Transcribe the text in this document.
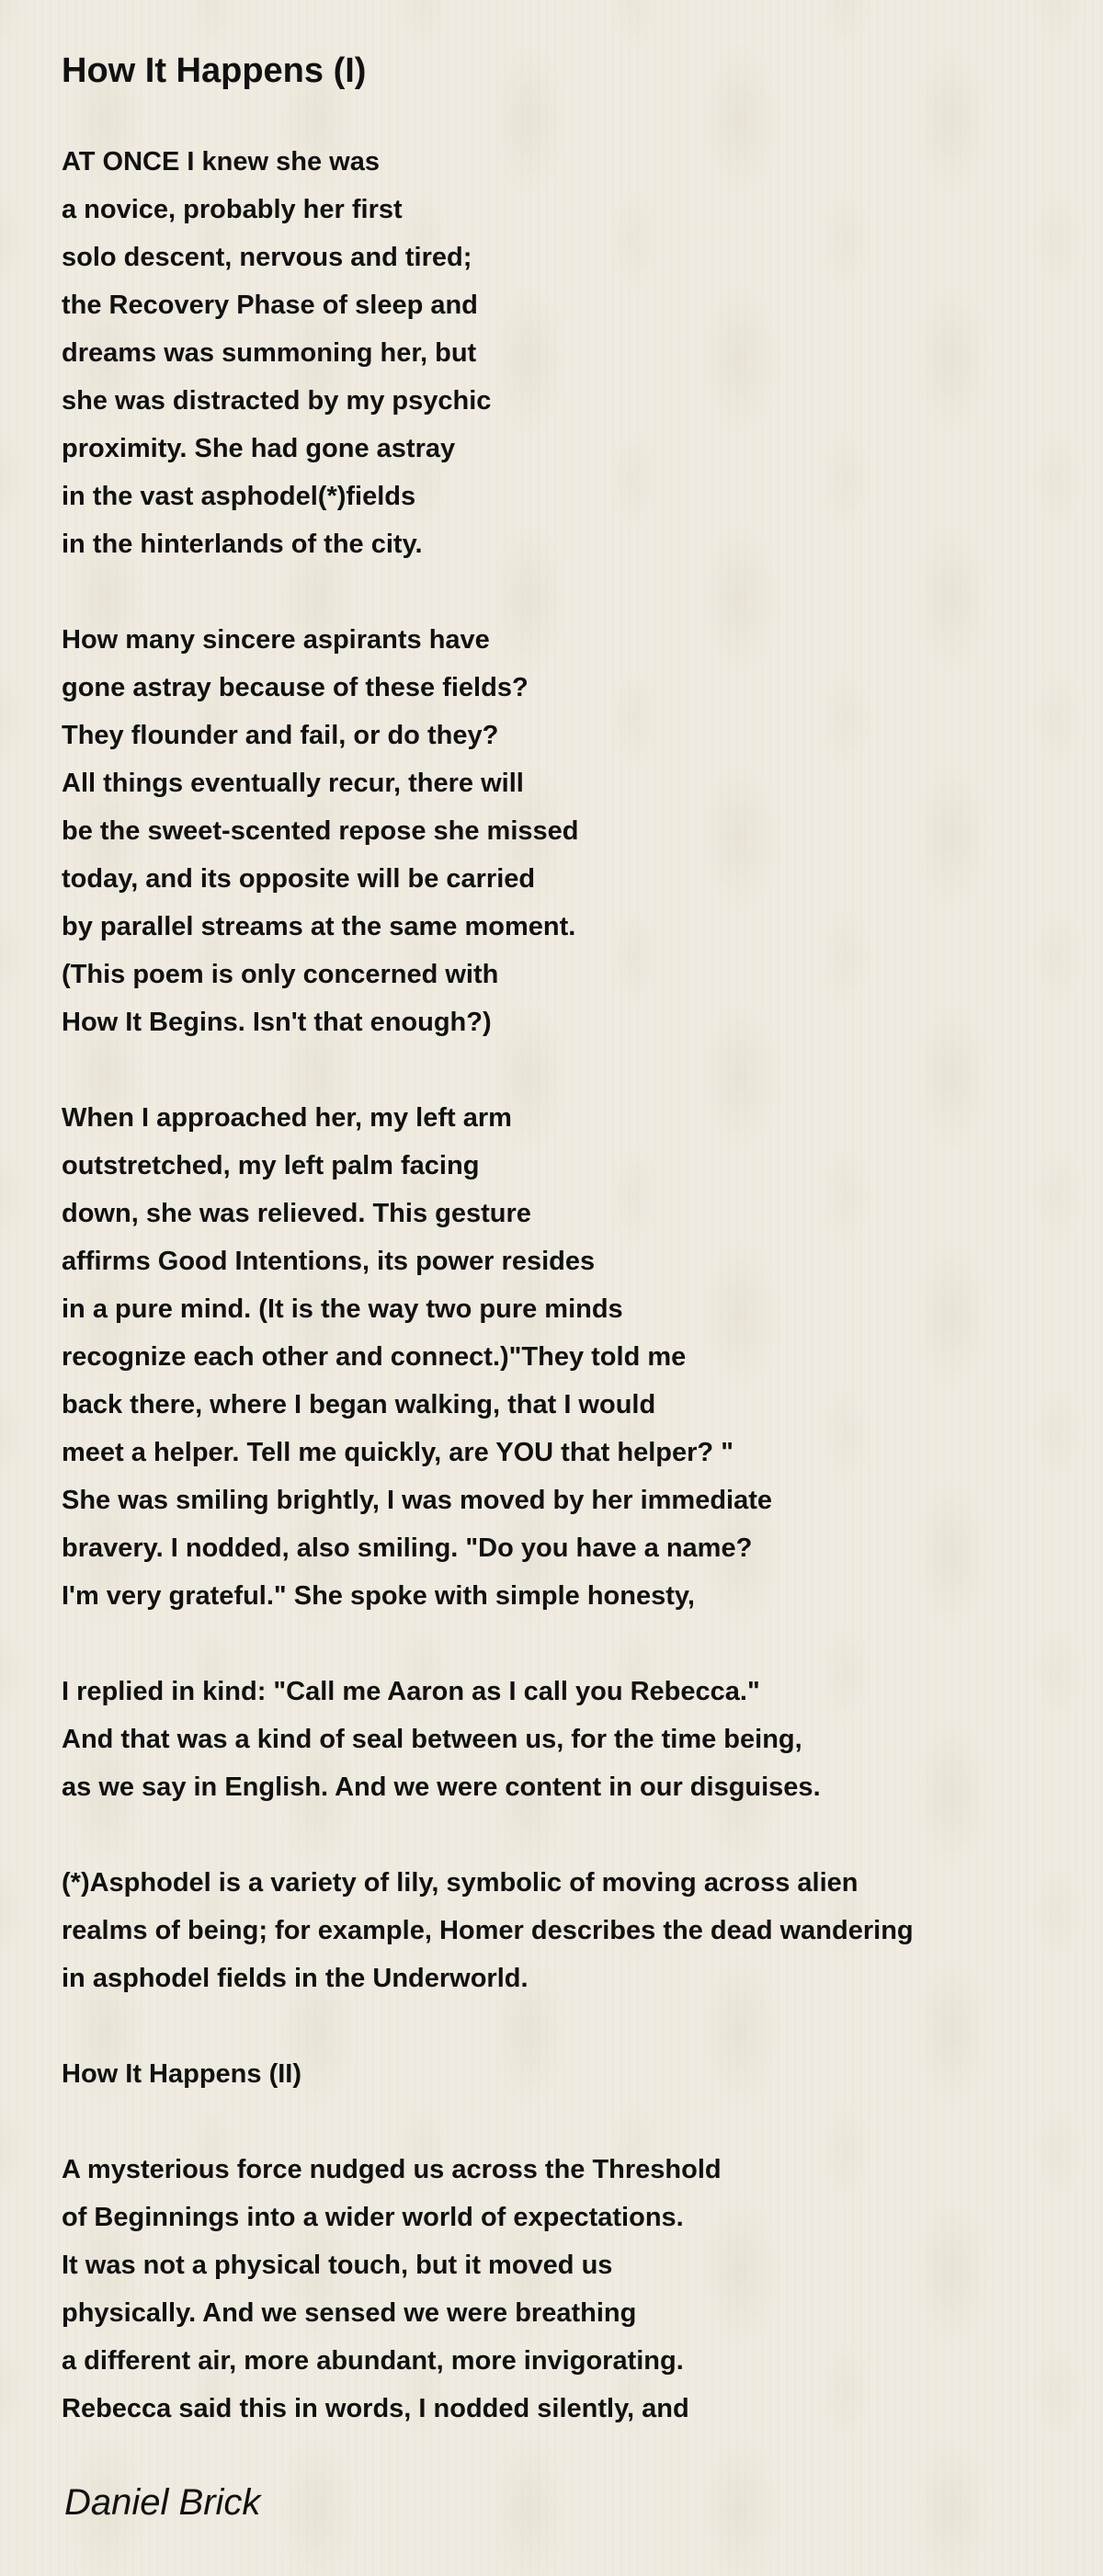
How It Happens (I)
AT ONCE I knew she was
a novice, probably her first
solo descent, nervous and tired;
the Recovery Phase of sleep and
dreams was summoning her, but
she was distracted by my psychic
proximity. She had gone astray
in the vast asphodel(*)fields
in the hinterlands of the city.
How many sincere aspirants have
gone astray because of these fields?
They flounder and fail, or do they?
All things eventually recur, there will
be the sweet-scented repose she missed
today, and its opposite will be carried
by parallel streams at the same moment.
(This poem is only concerned with
How It Begins. Isn't that enough?)
When I approached her, my left arm
outstretched, my left palm facing
down, she was relieved. This gesture
affirms Good Intentions, its power resides
in a pure mind. (It is the way two pure minds
recognize each other and connect.)"They told me
back there, where I began walking, that I would
meet a helper. Tell me quickly, are YOU that helper? "
She was smiling brightly, I was moved by her immediate
bravery. I nodded, also smiling. "Do you have a name?
I'm very grateful." She spoke with simple honesty,
I replied in kind: "Call me Aaron as I call you Rebecca."
And that was a kind of seal between us, for the time being,
as we say in English. And we were content in our disguises.
(*)Asphodel is a variety of lily, symbolic of moving across alien
realms of being; for example, Homer describes the dead wandering
in asphodel fields in the Underworld.
How It Happens (II)
A mysterious force nudged us across the Threshold
of Beginnings into a wider world of expectations.
It was not a physical touch, but it moved us
physically. And we sensed we were breathing
a different air, more abundant, more invigorating.
Rebecca said this in words, I nodded silently, and
Daniel Brick
